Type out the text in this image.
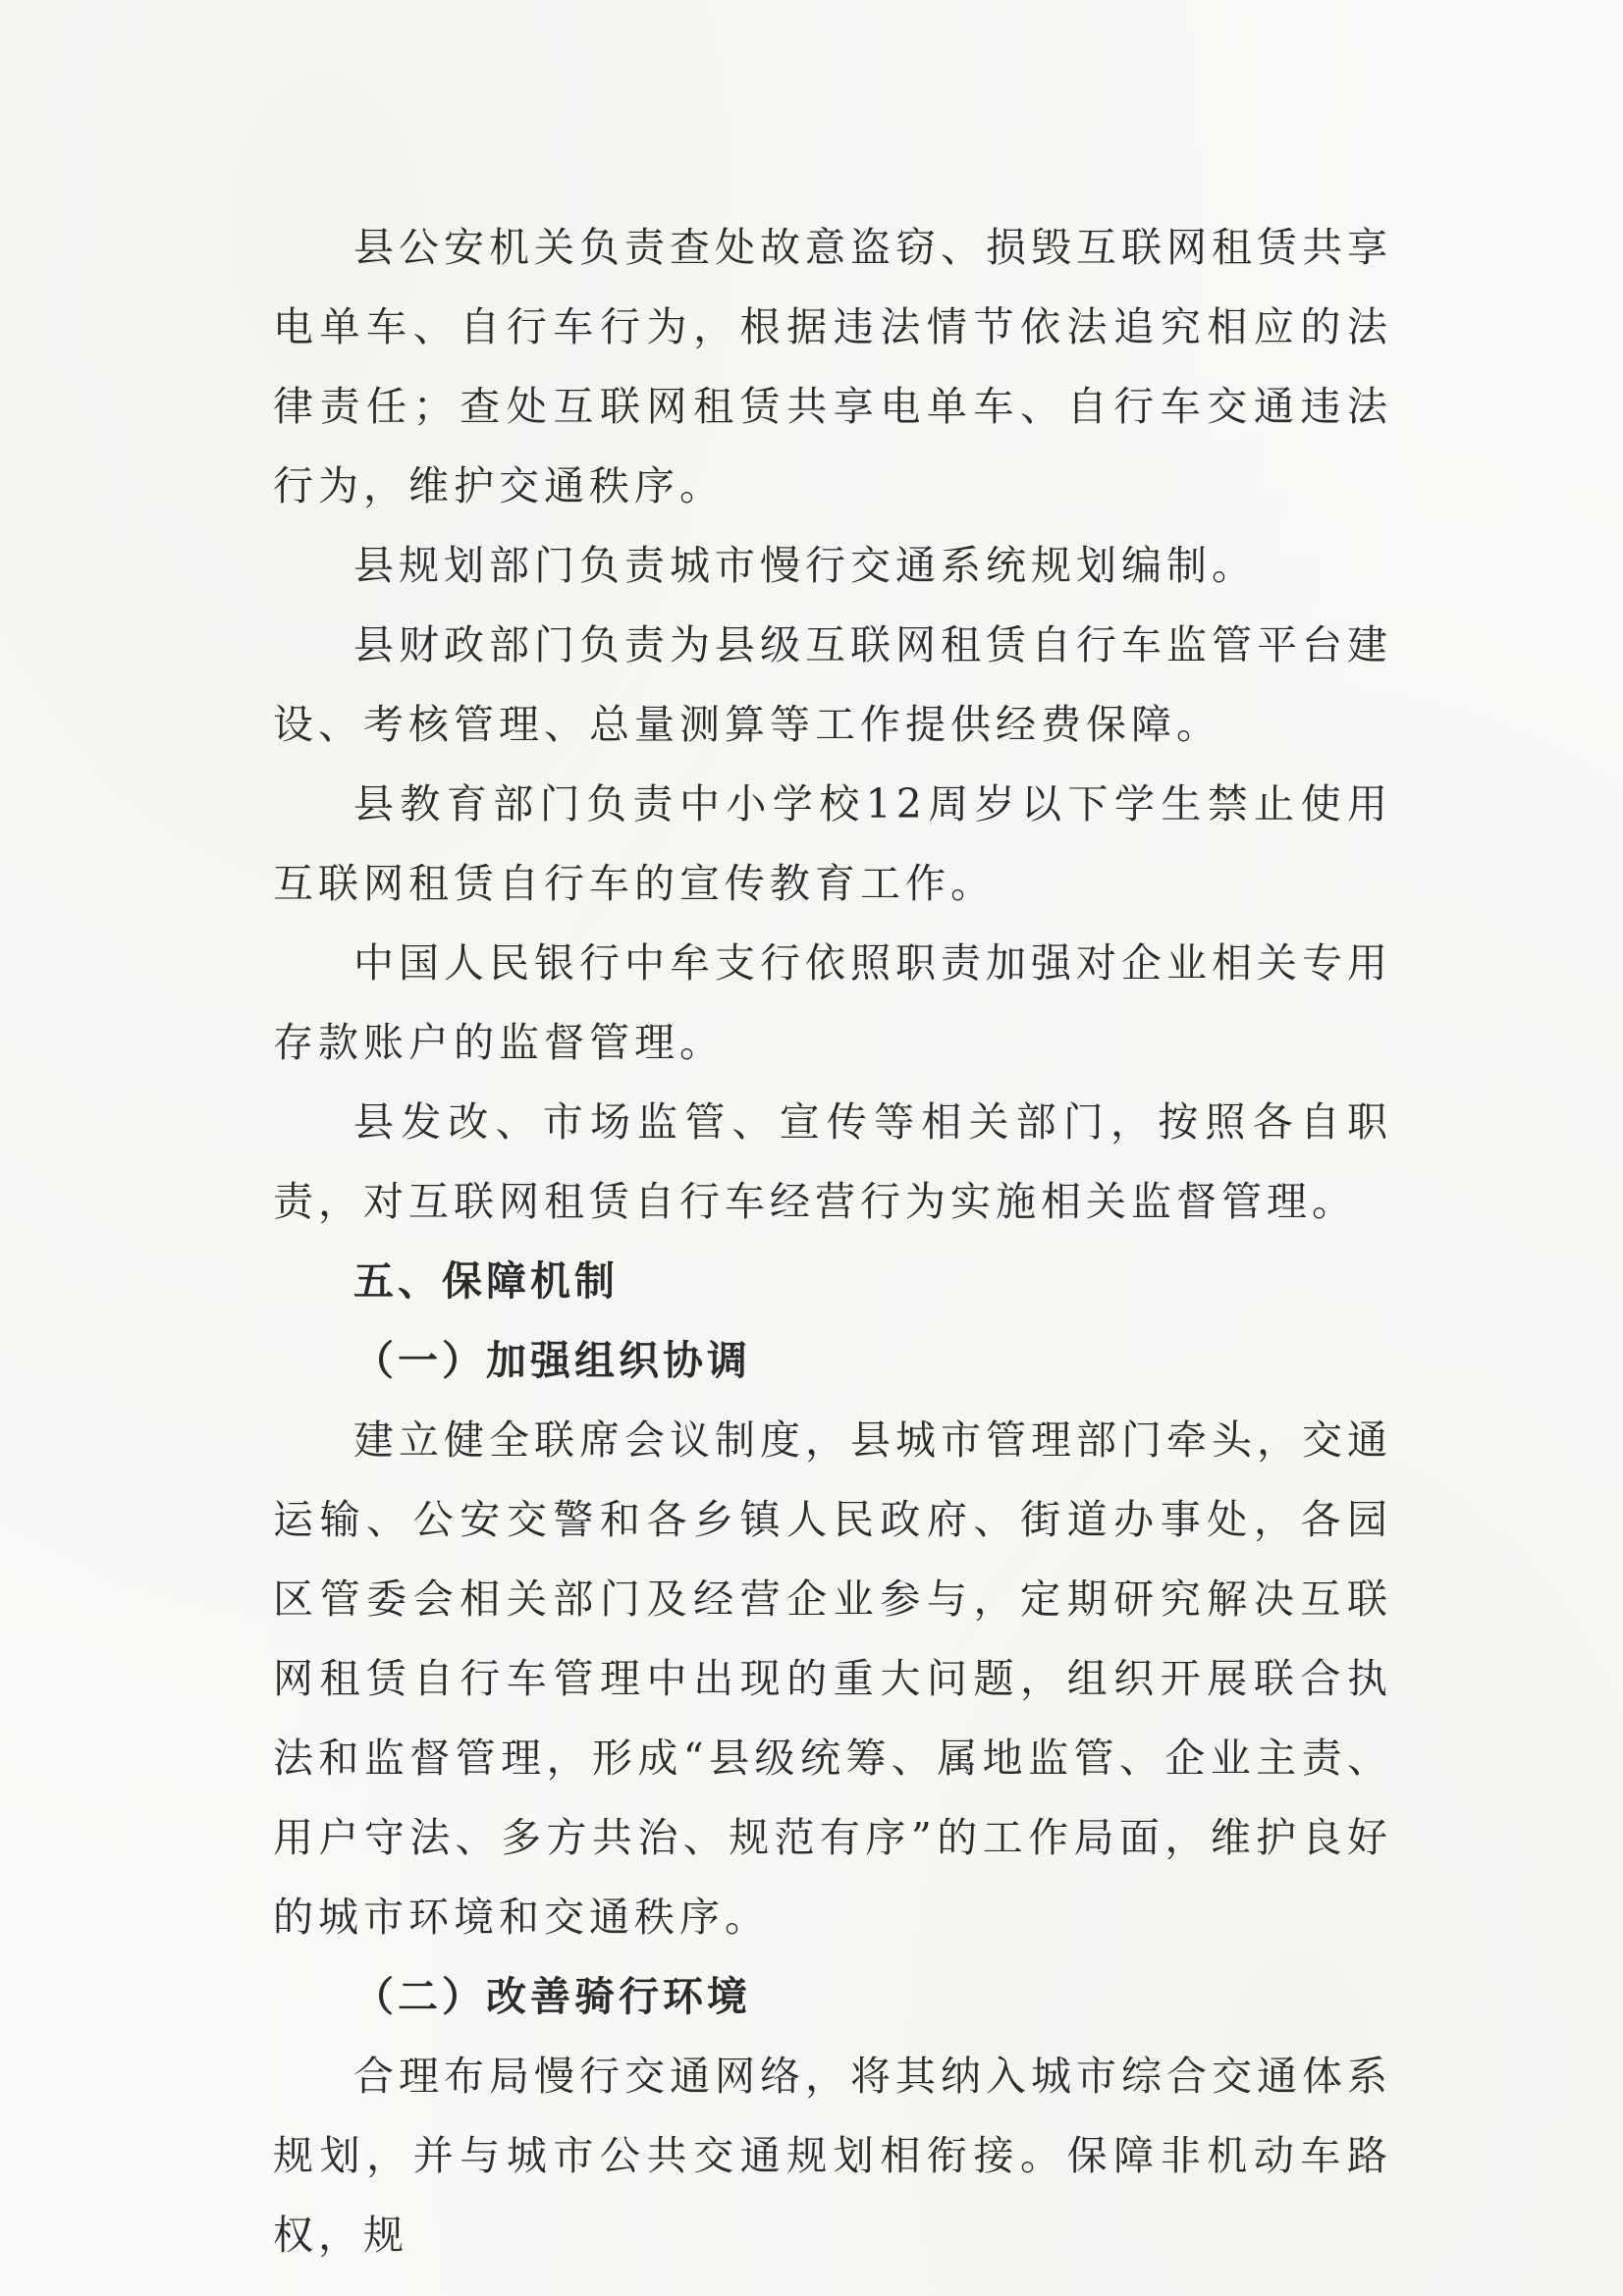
县公安机关负责查处故意盗窃、损毁互联网租赁共享电单车、自行车行为，根据违法情节依法追究相应的法律责任；查处互联网租赁共享电单车、自行车交通违法行为，维护交通秩序。

县规划部门负责城市慢行交通系统规划编制。

县财政部门负责为县级互联网租赁自行车监管平台建设、考核管理、总量测算等工作提供经费保障。

县教育部门负责中小学校12周岁以下学生禁止使用互联网租赁自行车的宣传教育工作。

中国人民银行中牟支行依照职责加强对企业相关专用存款账户的监督管理。

县发改、市场监管、宣传等相关部门，按照各自职责，对互联网租赁自行车经营行为实施相关监督管理。

五、保障机制

（一）加强组织协调

建立健全联席会议制度，县城市管理部门牵头，交通运输、公安交警和各乡镇人民政府、街道办事处，各园区管委会相关部门及经营企业参与，定期研究解决互联网租赁自行车管理中出现的重大问题，组织开展联合执法和监督管理，形成“县级统筹、属地监管、企业主责、用户守法、多方共治、规范有序”的工作局面，维护良好的城市环境和交通秩序。

（二）改善骑行环境

合理布局慢行交通网络，将其纳入城市综合交通体系规划，并与城市公共交通规划相衔接。保障非机动车路权，规
